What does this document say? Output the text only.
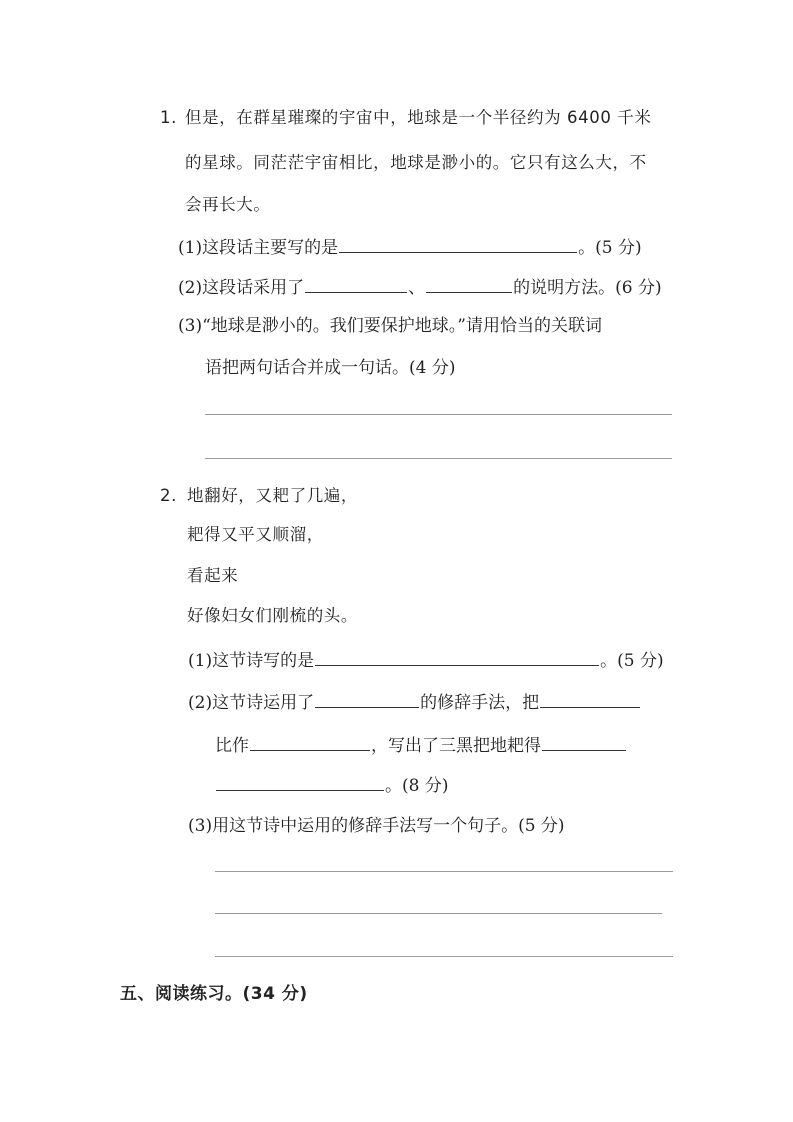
1. 但是，在群星璀璨的宇宙中，地球是一个半径约为 6400 千米
的星球。同茫茫宇宙相比，地球是渺小的。它只有这么大，不
会再长大。
(1)这段话主要写的是	。(5 分)
(2)这段话采用了	、	的说明方法。(6 分)
(3)“地球是渺小的。我们要保护地球。”请用恰当的关联词
语把两句话合并成一句话。(4 分)
2. 地翻好，又耙了几遍，
耙得又平又顺溜，
看起来
好像妇女们刚梳的头。
(1)这节诗写的是	。(5 分)
(2)这节诗运用了	的修辞手法，把
比作	，写出了三黑把地耙得
。(8 分)
(3)用这节诗中运用的修辞手法写一个句子。(5 分)
五、阅读练习。(34 分)
